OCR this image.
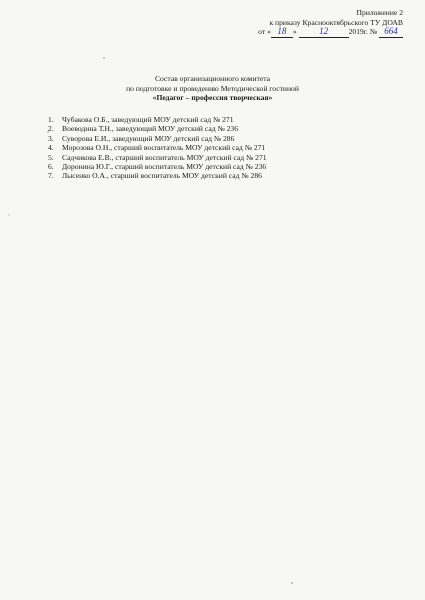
Приложение 2
к приказу Краснооктябрьского ТУ ДОАВ
от « 18 » 12	2019г. № 664
Состав организационного комитета
по подготовке и проведению Методической гостиной
«Педагог – профессия творческая»
1. Чубакова О.Б., заведующий МОУ детский сад № 271
2. Воеводина Т.Н., заведующий МОУ детский сад № 236
3. Суворова Е.И., заведующий МОУ детский сад № 286
4. Морозова О.Н., старший воспитатель МОУ детский сад № 271
5. Садчикова Е.В., старший воспитатель МОУ детский сад № 271
6. Доронина Ю.Г., старший воспитатель МОУ детский сад № 236
7. Лысенко О.А., старший воспитатель МОУ детский сад № 286
